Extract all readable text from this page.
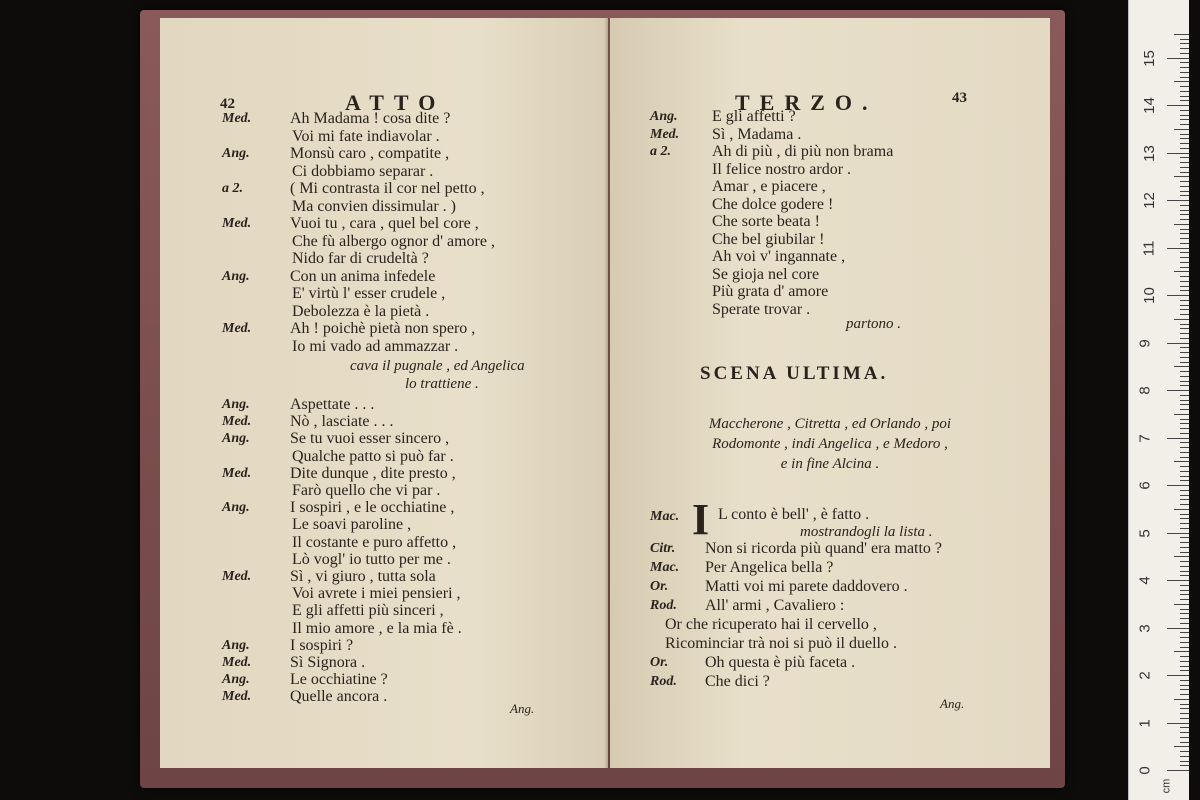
42	ATTO
Med. Ah Madama ! cosa dite ?
Voi mi fate indiavolar .
Ang.	Monsù caro , compatite ,
Ci dobbiamo separar .
a 2.	( Mi contrasta il cor nel petto ,
Ma convien dissimular . )
Med. Vuoi tu , cara , quel bel core ,
Che fù albergo ognor d' amore ,
Nido far di crudeltà ?
Ang.	Con un anima infedele
E' virtù l' esser crudele ,
Debolezza è la pietà .
Med. Ah ! poichè pietà non spero ,
Io mi vado ad ammazzar .
cava il pugnale , ed Angelica
lo trattiene .
Ang.	Aspettate . . .
Med. Nò , lasciate . . .
Ang.	Se tu vuoi esser sincero ,
Qualche patto si può far .
Med. Dite dunque , dite presto ,
Farò quello che vi par .
Ang.	I sospiri , e le occhiatine ,
Le soavi paroline ,
Il costante e puro affetto ,
Lò vogl' io tutto per me .
Med. Sì , vi giuro , tutta sola
Voi avrete i miei pensieri ,
E gli affetti più sinceri ,
Il mio amore , e la mia fè .
Ang.	I sospiri ?
Med. Sì Signora .
Ang.	Le occhiatine ?
Med. Quelle ancora .
Ang.
TERZO.	43
Ang. E gli affetti ?
Med. Sì , Madama .
a 2.	Ah di più , di più non brama
Il felice nostro ardor .
Amar , e piacere ,
Che dolce godere !
Che sorte beata !
Che bel giubilar !
Ah voi v' ingannate ,
Se gioja nel core
Più grata d' amore
Sperate trovar .
partono .
SCENA ULTIMA.
Maccherone , Citretta , ed Orlando , poi
Rodomonte , indi Angelica , e Medoro ,
e in fine Alcina .
Mac. I L conto è bell' , è fatto .
mostrandogli la lista .
Citr. Non si ricorda più quand' era matto ?
Mac. Per Angelica bella ?
Or. Matti voi mi parete daddovero .
Rod. All' armi , Cavaliero :
Or che ricuperato hai il cervello ,
Ricominciar trà noi si può il duello .
Or. Oh questa è più faceta .
Rod. Che dici ?
Ang.
0
1
2
3
4
5
6
7
8
9
10
11
12
13
14
15
cm
